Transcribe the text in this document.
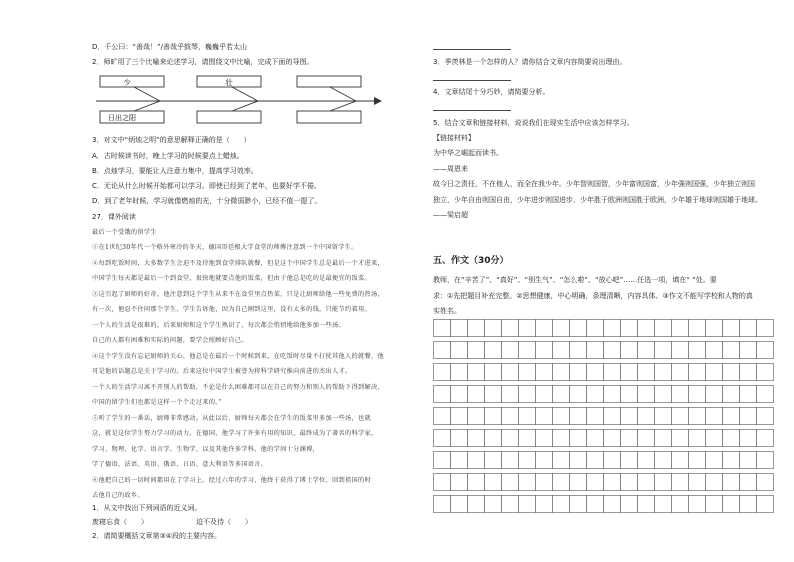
D．千公曰：“善哉！”/善哉乎鼓琴，巍巍乎若太山
2．师旷用了三个比喻来论述学习，请围绕文中比喻，完成下面的导图。
少	壮
日出之阳
3．对文中“炳烛之明”的意思解释正确的是（　　）
A．古时候读书时，晚上学习的时候要点上蜡烛。
B．点烛学习，要能让人注意力集中，提高学习效率。
C．无论从什么时候开始都可以学习。即使已经到了老年，也要好学不倦。
D．到了老年时候，学习就像燃烛的光，十分微弱渺小，已经不值一提了。
27．课外阅读
最后一个受饿的留学生
①在1世纪30年代一个格外寒冷的冬天，德国哥廷根大学食堂的师傅注意到一个中国留学生。
②每到吃饭时间，大多数学生会迫不及待地到食堂排队就餐，但是这个中国学生总是最后一个才进来，
中国学生每天都是最后一个到食堂，很快地就要点他的饭菜，但由于他总是吃的是最便宜的饭菜。
③这引起了厨师的好奇。他注意到这个学生从来不在食堂里点热菜，只是让厨师给他一些免费的热汤，
有一次，他忍不住问那个学生。学生告诉他，因为自己刚到这里，没有太多的钱，只能节约着用。
一个人的生活是很难的。后来厨师和这个学生熟识了，每次都会悄悄地给他多加一些汤。
自己的人都有困难和实际的问题，要学会照顾好自己。
④这个学生没有忘记厨师的关心，他总是在最后一个时候到来，在吃饭时尽量不打扰其他人的就餐，他
可是他的话题总是关于学习的。后来这位中国学生被誉为将科学研究推向前进的杰出人才。
一个人的生活学习离不开别人的帮助，不论是什么困难都可以在自己的努力和别人的帮助下得到解决，
中国的留学生们也都是这样一个个走过来的。”
⑤听了学生的一番话，厨师非常感动。从此以后，厨师每天都会在学生的饭菜里多加一些汤，也就
这，就是这位学生努力学习的动力。在德国，他学习了许多有用的知识，最终成为了著名的科学家，
学习、物理、化学、语言学、生物学、以及其他许多学科，他的学问十分渊博，
学了德语、法语、英语、俄语、日语、意大利语等多国语言。
⑥他把自己的一切时间都用在了学习上。经过六年的学习，他终于获得了博士学位，回到祖国的时
去他自己的故乡。
1．从文中找出下列词语的近义词。
废寝忘食（　　）	迫不及待（　　）
2．请简要概括文章第③④段的主要内容。
3．季羡林是一个怎样的人？请你结合文章内容简要说出理由。
4．文章结尾十分巧妙，请简要分析。
5．结合文章和链接材料，说说我们在现实生活中应该怎样学习。
【链接材料】
为中华之崛起而读书。
——周恩来
故今日之责任，不在他人，而全在我少年。少年智则国智，少年富则国富，少年强则国强，少年独立则国
独立，少年自由则国自由，少年进步则国进步，少年胜于欧洲则国胜于欧洲，少年雄于地球则国雄于地球。
——梁启超
五、作文（30分）
教师，在“辛苦了”、“真好”、“别生气”、“怎么啦”、“放心吧”……任选一项，填在“ ”处。要
求：①先把题目补充完整。②思想健康，中心明确，条理清晰，内容具体。③作文不能写学校和人物的真
实姓名。
